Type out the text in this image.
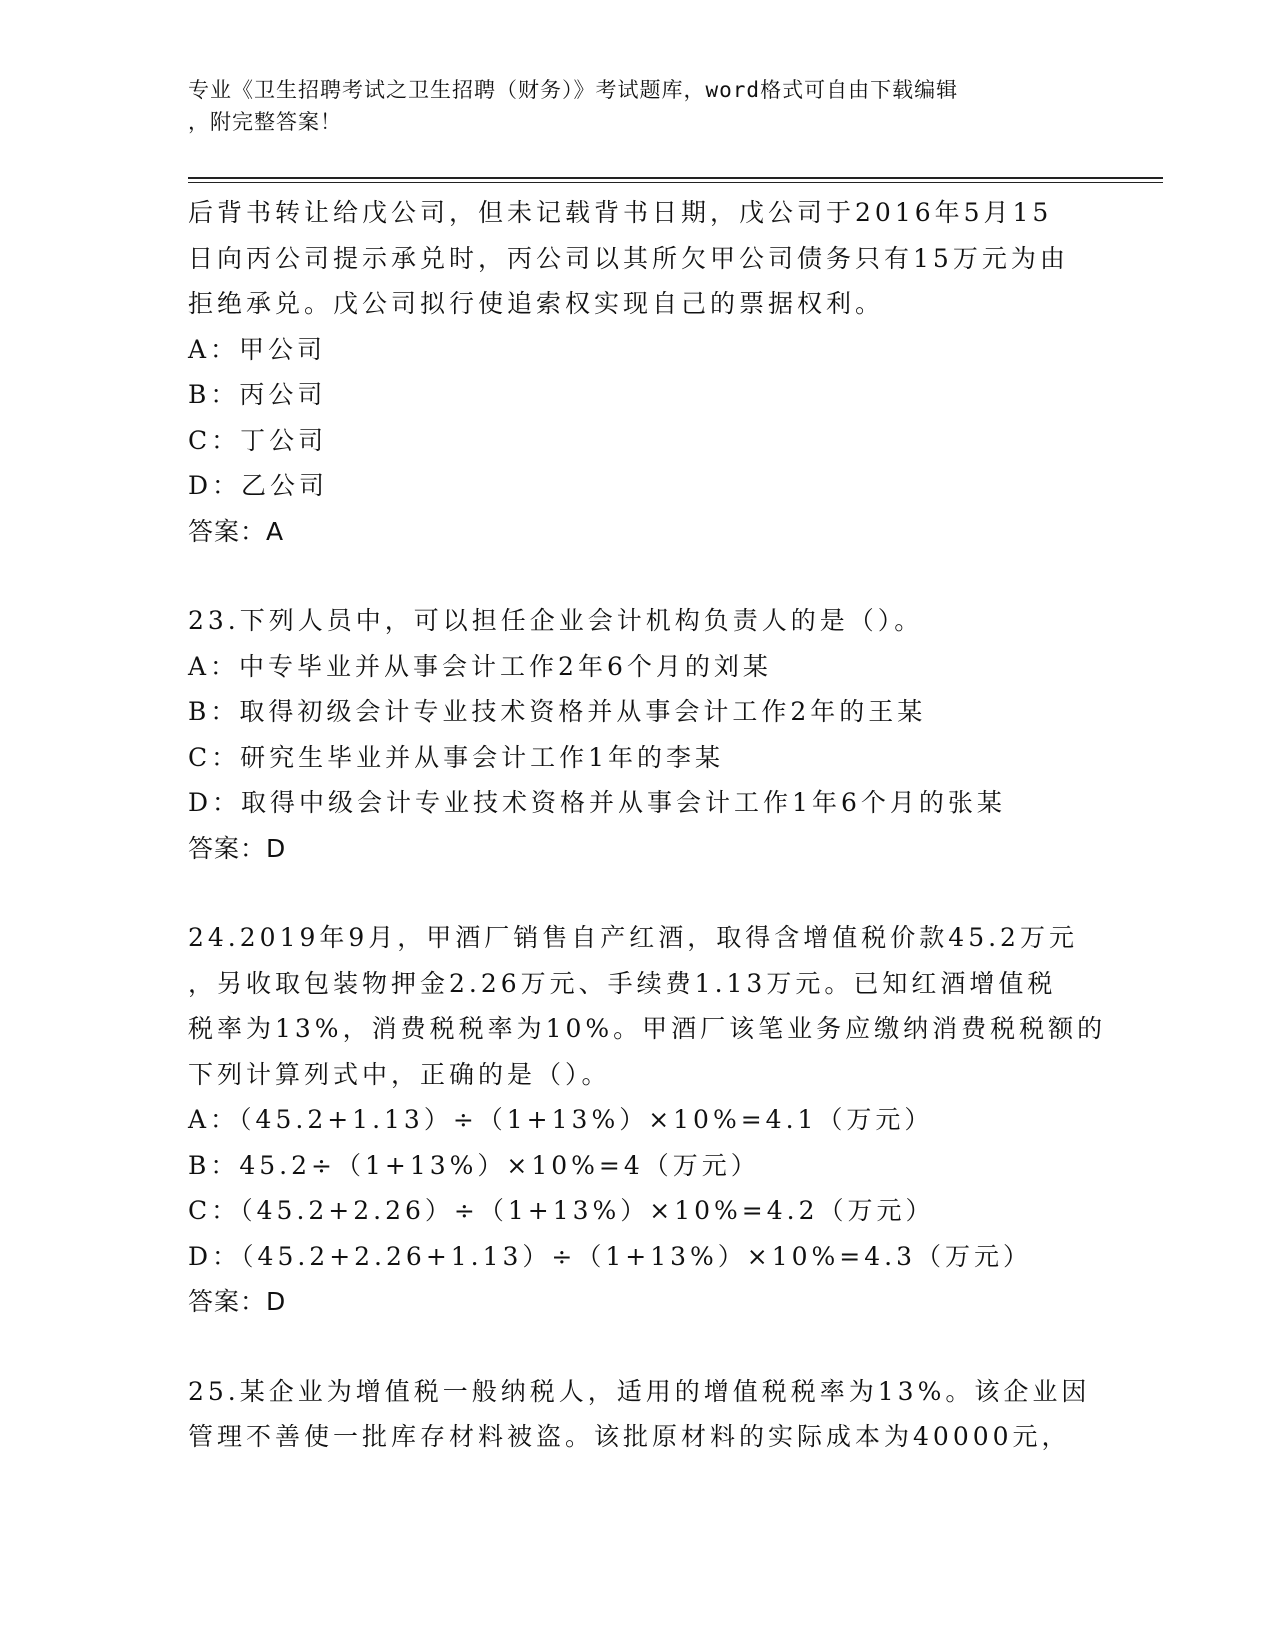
专业《卫生招聘考试之卫生招聘（财务）》考试题库，word格式可自由下载编辑
，附完整答案！

后背书转让给戊公司，但未记载背书日期，戊公司于2016年5月15
日向丙公司提示承兑时，丙公司以其所欠甲公司债务只有15万元为由
拒绝承兑。戊公司拟行使追索权实现自己的票据权利。

A：甲公司

B：丙公司

C：丁公司

D：乙公司

答案：A

23.下列人员中，可以担任企业会计机构负责人的是（）。

A：中专毕业并从事会计工作2年6个月的刘某

B：取得初级会计专业技术资格并从事会计工作2年的王某

C：研究生毕业并从事会计工作1年的李某

D：取得中级会计专业技术资格并从事会计工作1年6个月的张某

答案：D

24.2019年9月，甲酒厂销售自产红酒，取得含增值税价款45.2万元
，另收取包装物押金2.26万元、手续费1.13万元。已知红酒增值税
税率为13%，消费税税率为10%。甲酒厂该笔业务应缴纳消费税税额的
下列计算列式中，正确的是（）。

A：（45.2+1.13）÷（1+13%）×10%=4.1（万元）

B：45.2÷（1+13%）×10%=4（万元）

C：（45.2+2.26）÷（1+13%）×10%=4.2（万元）

D：（45.2+2.26+1.13）÷（1+13%）×10%=4.3（万元）

答案：D

25.某企业为增值税一般纳税人，适用的增值税税率为13%。该企业因
管理不善使一批库存材料被盗。该批原材料的实际成本为40000元，
